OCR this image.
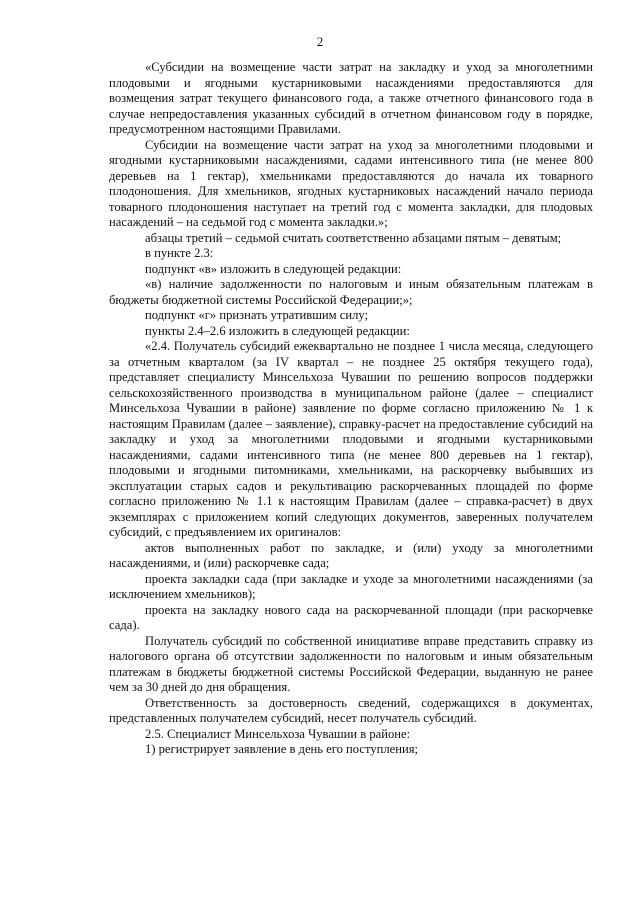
2

«Субсидии на возмещение части затрат на закладку и уход за многолетними плодовыми и ягодными кустарниковыми насаждениями предоставляются для возмещения затрат текущего финансового года, а также отчетного финансового года в случае непредоставления указанных субсидий в отчетном финансовом году в порядке, предусмотренном настоящими Правилами.

Субсидии на возмещение части затрат на уход за многолетними плодовыми и ягодными кустарниковыми насаждениями, садами интенсивного типа (не менее 800 деревьев на 1 гектар), хмельниками предоставляются до начала их товарного плодоношения. Для хмельников, ягодных кустарниковых насаждений начало периода товарного плодоношения наступает на третий год с момента закладки, для плодовых насаждений – на седьмой год с момента закладки.»;

абзацы третий – седьмой считать соответственно абзацами пятым – девятым;

в пункте 2.3:

подпункт «в» изложить в следующей редакции:

«в) наличие задолженности по налоговым и иным обязательным платежам в бюджеты бюджетной системы Российской Федерации;»;

подпункт «г» признать утратившим силу;

пункты 2.4–2.6 изложить в следующей редакции:

«2.4. Получатель субсидий ежеквартально не позднее 1 числа месяца, следующего за отчетным кварталом (за IV квартал – не позднее 25 октября текущего года), представляет специалисту Минсельхоза Чувашии по решению вопросов поддержки сельскохозяйственного производства в муниципальном районе (далее – специалист Минсельхоза Чувашии в районе) заявление по форме согласно приложению № 1 к настоящим Правилам (далее – заявление), справку-расчет на предоставление субсидий на закладку и уход за многолетними плодовыми и ягодными кустарниковыми насаждениями, садами интенсивного типа (не менее 800 деревьев на 1 гектар), плодовыми и ягодными питомниками, хмельниками, на раскорчевку выбывших из эксплуатации старых садов и рекультивацию раскорчеванных площадей по форме согласно приложению № 1.1 к настоящим Правилам (далее – справка-расчет) в двух экземплярах с приложением копий следующих документов, заверенных получателем субсидий, с предъявлением их оригиналов:

актов выполненных работ по закладке, и (или) уходу за многолетними насаждениями, и (или) раскорчевке сада;

проекта закладки сада (при закладке и уходе за многолетними насаждениями (за исключением хмельников);

проекта на закладку нового сада на раскорчеванной площади (при раскорчевке сада).

Получатель субсидий по собственной инициативе вправе представить справку из налогового органа об отсутствии задолженности по налоговым и иным обязательным платежам в бюджеты бюджетной системы Российской Федерации, выданную не ранее чем за 30 дней до дня обращения.

Ответственность за достоверность сведений, содержащихся в документах, представленных получателем субсидий, несет получатель субсидий.

2.5. Специалист Минсельхоза Чувашии в районе:

1) регистрирует заявление в день его поступления;
